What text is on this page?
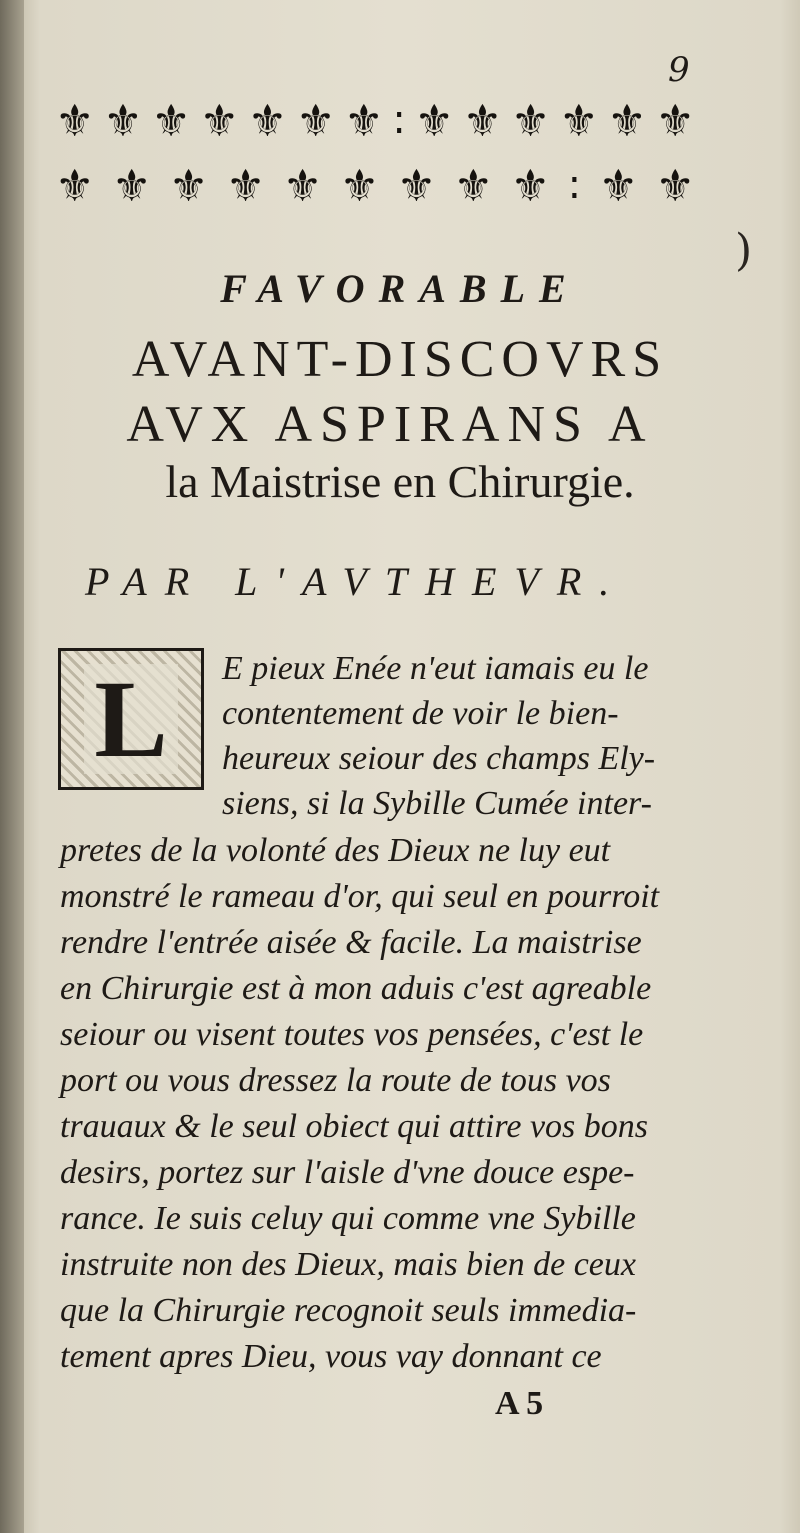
9
⚜ ⚜ ⚜ ⚜ ⚜ ⚜ ⚜ : ⚜ ⚜ ⚜ ⚜ ⚜ ⚜
⚜ ⚜ ⚜ ⚜ ⚜ ⚜ ⚜ ⚜ ⚜ : ⚜ ⚜
)
FAVORABLE
AVANT-DISCOVRS
AVX ASPIRANS A
la Maistrise en Chirurgie.
PAR L'AVTHEVR.
L E pieux Enée n'eut iamais eu le
contentement de voir le bien-
heureux seiour des champs Ely-
siens, si la Sybille Cumée inter-
pretes de la volonté des Dieux ne luy eut
monstré le rameau d'or, qui seul en pourroit
rendre l'entrée aisée & facile. La maistrise
en Chirurgie est à mon aduis c'est agreable
seiour ou visent toutes vos pensées, c'est le
port ou vous dressez la route de tous vos
trauaux & le seul obiect qui attire vos bons
desirs, portez sur l'aisle d'vne douce espe-
rance. Ie suis celuy qui comme vne Sybille
instruite non des Dieux, mais bien de ceux
que la Chirurgie recognoit seuls immedia-
tement apres Dieu, vous vay donnant ce
A 5
